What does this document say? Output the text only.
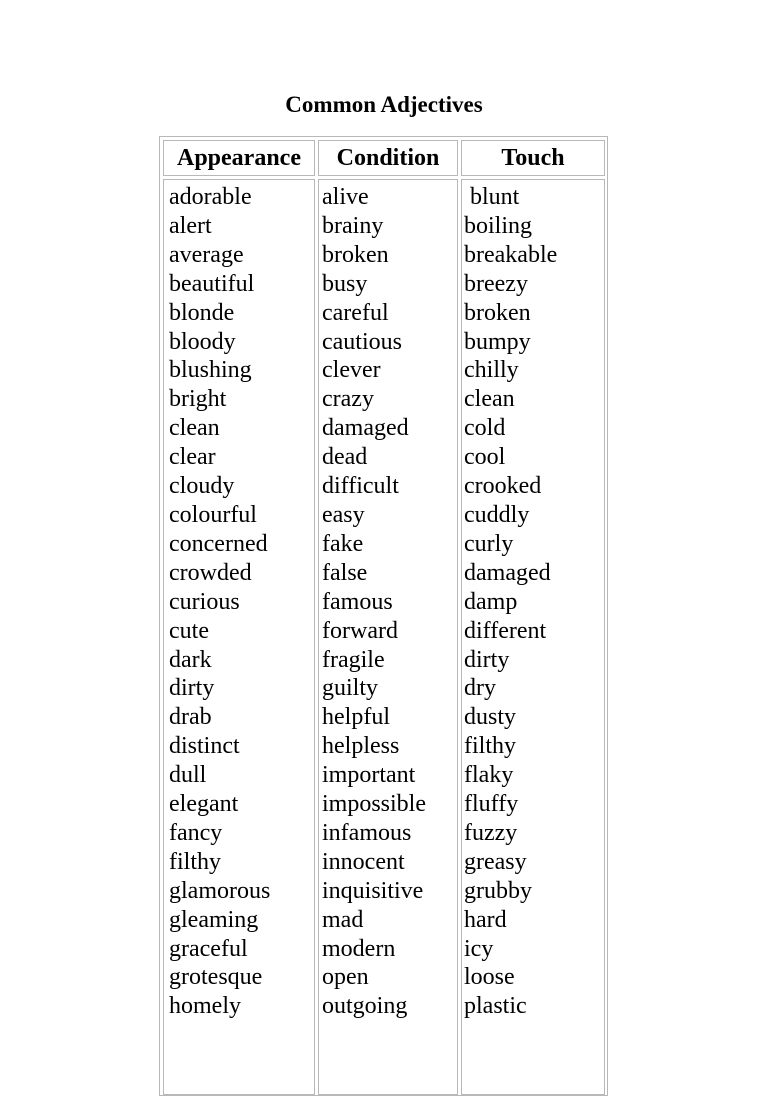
Common Adjectives
Appearance	Condition	Touch
adorable
alert
average
beautiful
blonde
bloody
blushing
bright
clean
clear
cloudy
colourful
concerned
crowded
curious
cute
dark
dirty
drab
distinct
dull
elegant
fancy
filthy
glamorous
gleaming
graceful
grotesque
homely
alive
brainy
broken
busy
careful
cautious
clever
crazy
damaged
dead
difficult
easy
fake
false
famous
forward
fragile
guilty
helpful
helpless
important
impossible
infamous
innocent
inquisitive
mad
modern
open
outgoing
blunt
boiling
breakable
breezy
broken
bumpy
chilly
clean
cold
cool
crooked
cuddly
curly
damaged
damp
different
dirty
dry
dusty
filthy
flaky
fluffy
fuzzy
greasy
grubby
hard
icy
loose
plastic
